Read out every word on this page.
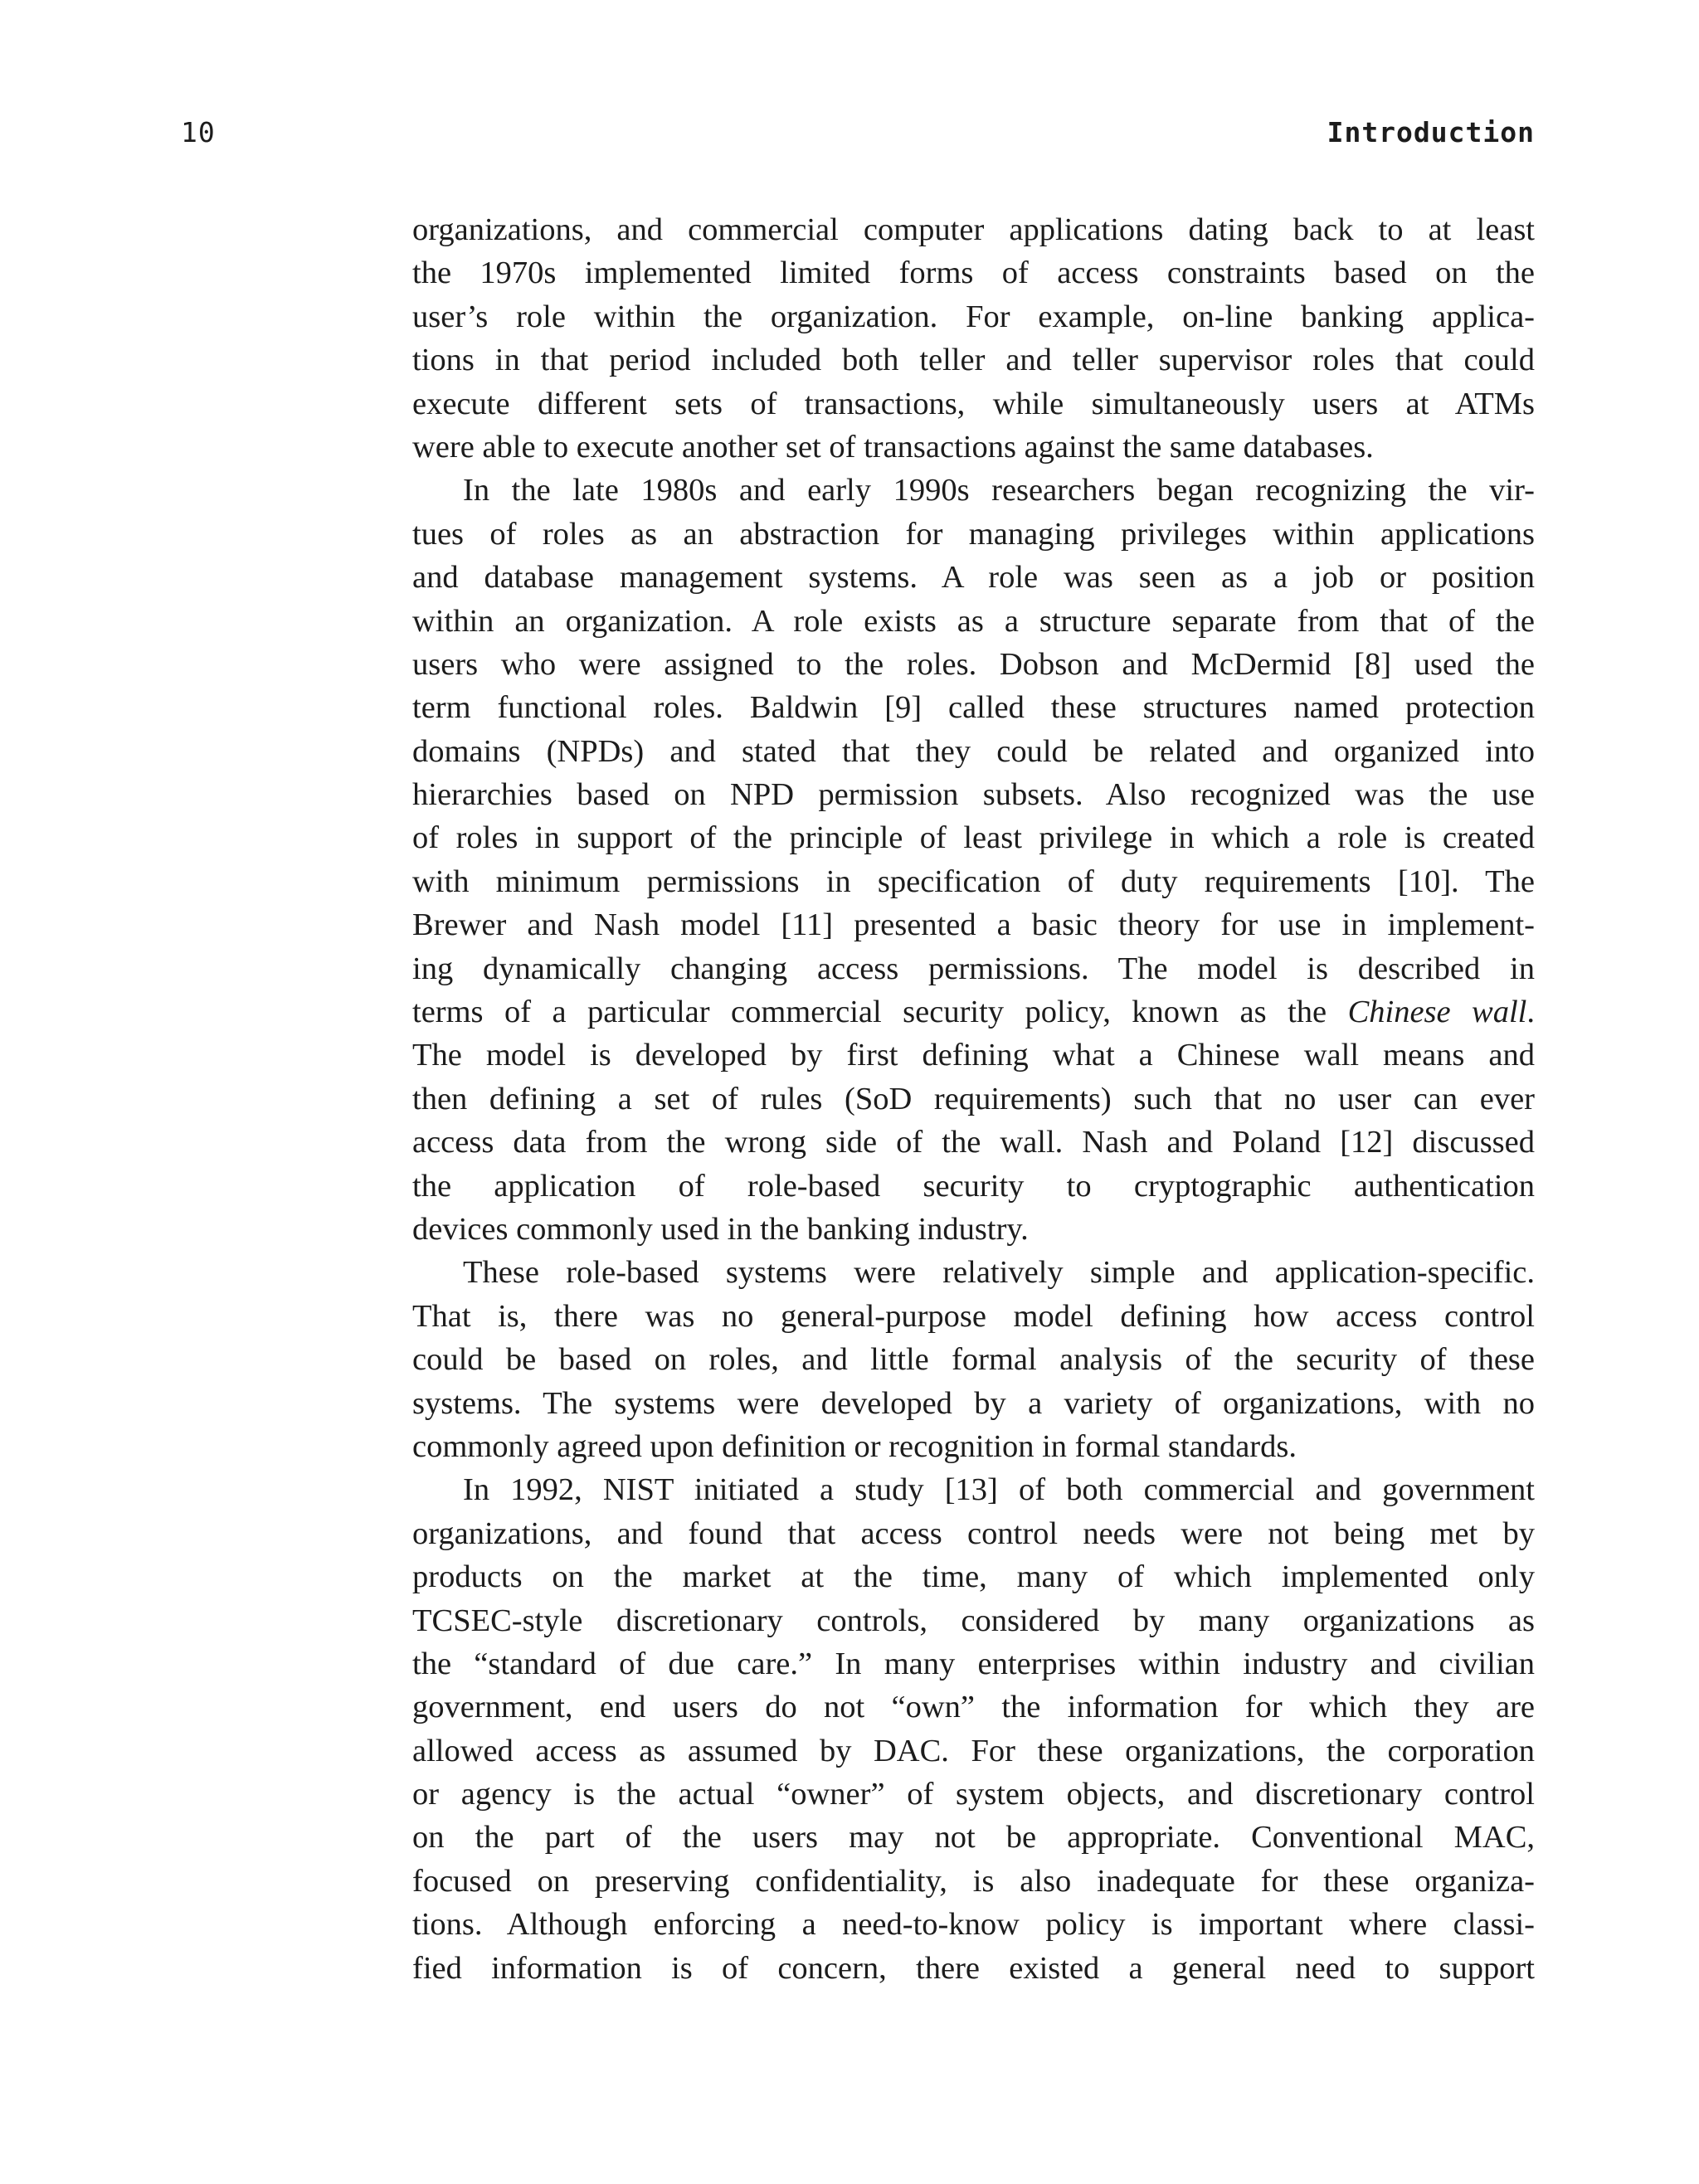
10	Introduction
organizations, and commercial computer applications dating back to at least
the 1970s implemented limited forms of access constraints based on the
user’s role within the organization. For example, on-line banking applica-
tions in that period included both teller and teller supervisor roles that could
execute different sets of transactions, while simultaneously users at ATMs
were able to execute another set of transactions against the same databases.
In the late 1980s and early 1990s researchers began recognizing the vir-
tues of roles as an abstraction for managing privileges within applications
and database management systems. A role was seen as a job or position
within an organization. A role exists as a structure separate from that of the
users who were assigned to the roles. Dobson and McDermid [8] used the
term functional roles. Baldwin [9] called these structures named protection
domains (NPDs) and stated that they could be related and organized into
hierarchies based on NPD permission subsets. Also recognized was the use
of roles in support of the principle of least privilege in which a role is created
with minimum permissions in specification of duty requirements [10]. The
Brewer and Nash model [11] presented a basic theory for use in implement-
ing dynamically changing access permissions. The model is described in
terms of a particular commercial security policy, known as the Chinese wall.
The model is developed by first defining what a Chinese wall means and
then defining a set of rules (SoD requirements) such that no user can ever
access data from the wrong side of the wall. Nash and Poland [12] discussed
the application of role-based security to cryptographic authentication
devices commonly used in the banking industry.
These role-based systems were relatively simple and application-specific.
That is, there was no general-purpose model defining how access control
could be based on roles, and little formal analysis of the security of these
systems. The systems were developed by a variety of organizations, with no
commonly agreed upon definition or recognition in formal standards.
In 1992, NIST initiated a study [13] of both commercial and government
organizations, and found that access control needs were not being met by
products on the market at the time, many of which implemented only
TCSEC-style discretionary controls, considered by many organizations as
the “standard of due care.” In many enterprises within industry and civilian
government, end users do not “own” the information for which they are
allowed access as assumed by DAC. For these organizations, the corporation
or agency is the actual “owner” of system objects, and discretionary control
on the part of the users may not be appropriate. Conventional MAC,
focused on preserving confidentiality, is also inadequate for these organiza-
tions. Although enforcing a need-to-know policy is important where classi-
fied information is of concern, there existed a general need to support
